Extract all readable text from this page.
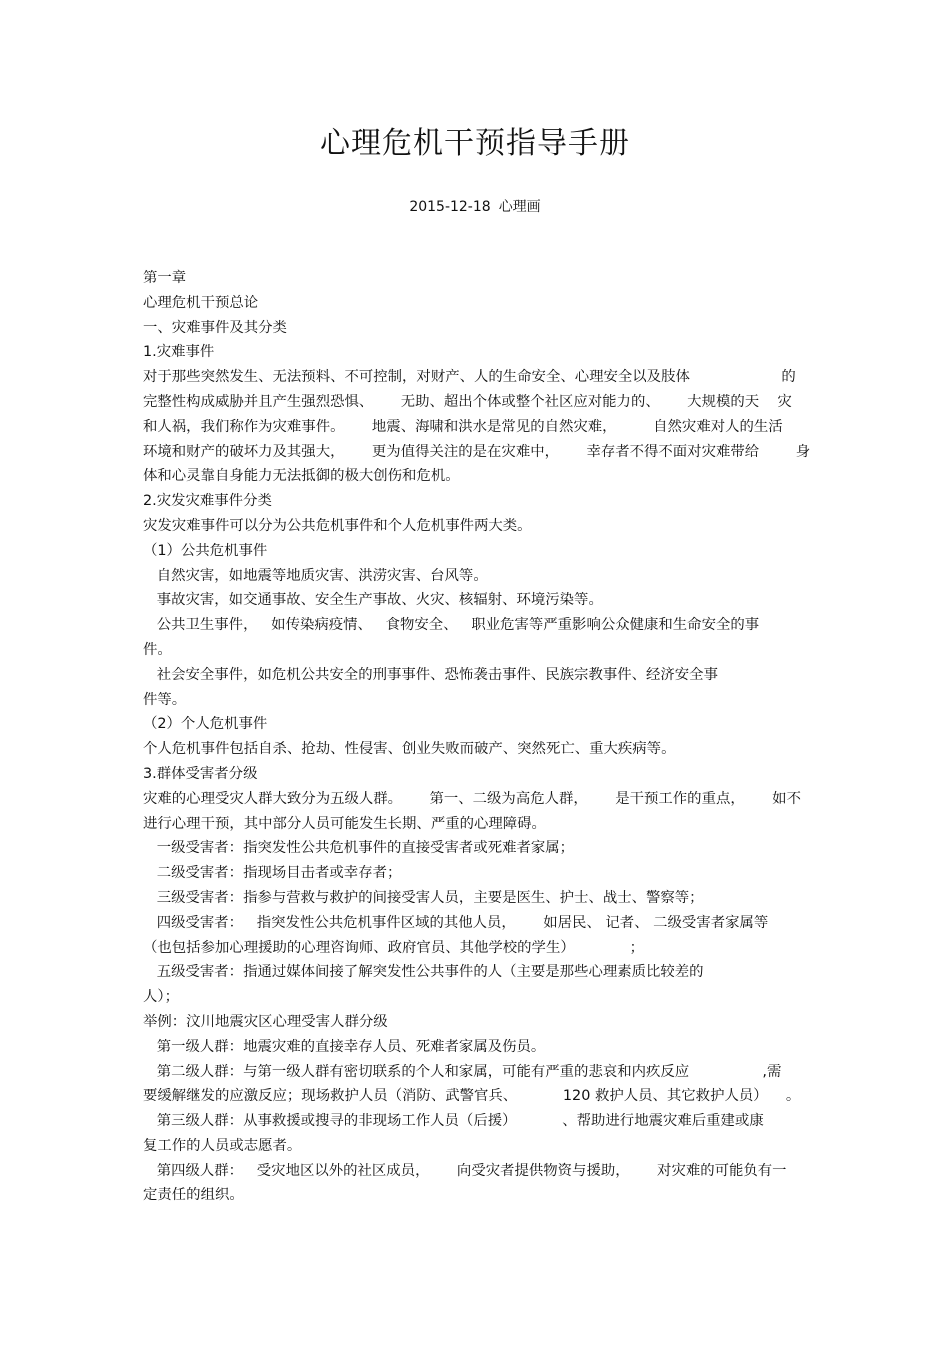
心理危机干预指导手册
2015-12-18 心理画
第一章
心理危机干预总论
一、灾难事件及其分类
1.灾难事件
对于那些突然发生、无法预料、不可控制，对财产、人的生命安全、心理安全以及肢体                    的
完整性构成威胁并且产生强烈恐惧、      无助、超出个体或整个社区应对能力的、      大规模的天    灾
和人祸，我们称作为灾难事件。      地震、海啸和洪水是常见的自然灾难，        自然灾难对人的生活
环境和财产的破坏力及其强大，      更为值得关注的是在灾难中，      幸存者不得不面对灾难带给        身
体和心灵靠自身能力无法抵御的极大创伤和危机。
2.灾发灾难事件分类
灾发灾难事件可以分为公共危机事件和个人危机事件两大类。
（1）公共危机事件
自然灾害，如地震等地质灾害、洪涝灾害、台风等。
事故灾害，如交通事故、安全生产事故、火灾、核辐射、环境污染等。
公共卫生事件，   如传染病疫情、   食物安全、   职业危害等严重影响公众健康和生命安全的事
件。
社会安全事件，如危机公共安全的刑事事件、恐怖袭击事件、民族宗教事件、经济安全事
件等。
（2）个人危机事件
个人危机事件包括自杀、抢劫、性侵害、创业失败而破产、突然死亡、重大疾病等。
3.群体受害者分级
灾难的心理受灾人群大致分为五级人群。      第一、二级为高危人群，      是干预工作的重点，      如不
进行心理干预，其中部分人员可能发生长期、严重的心理障碍。
一级受害者：指突发性公共危机事件的直接受害者或死难者家属；
二级受害者：指现场目击者或幸存者；
三级受害者：指参与营救与救护的间接受害人员，主要是医生、护士、战士、警察等；
四级受害者：   指突发性公共危机事件区域的其他人员，      如居民、 记者、 二级受害者家属等
（也包括参加心理援助的心理咨询师、政府官员、其他学校的学生）            ；
五级受害者：指通过媒体间接了解突发性公共事件的人（主要是那些心理素质比较差的
人）；
举例：汶川地震灾区心理受害人群分级
第一级人群：地震灾难的直接幸存人员、死难者家属及伤员。
第二级人群：与第一级人群有密切联系的个人和家属，可能有严重的悲哀和内疚反应                ,需
要缓解继发的应激反应；现场救护人员（消防、武警官兵、          120 救护人员、其它救护人员）    。
第三级人群：从事救援或搜寻的非现场工作人员（后援）          、帮助进行地震灾难后重建或康
复工作的人员或志愿者。
第四级人群：   受灾地区以外的社区成员，      向受灾者提供物资与援助，      对灾难的可能负有一
定责任的组织。
